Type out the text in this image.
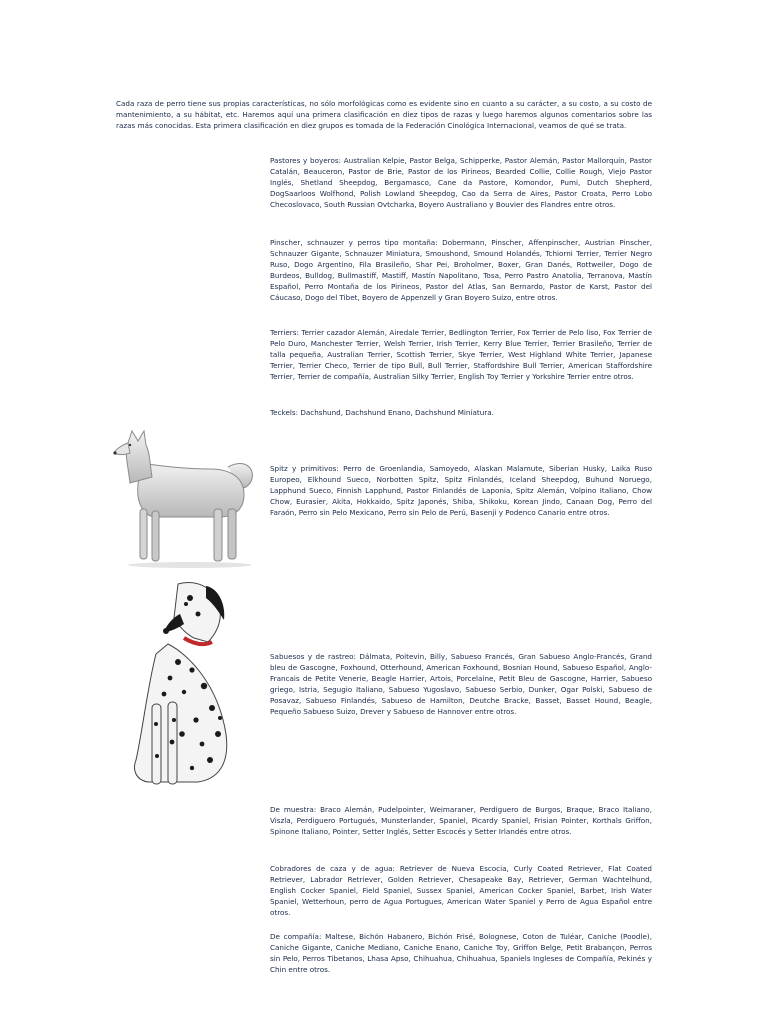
Cada raza de perro tiene sus propias características, no sólo morfológicas como es evidente sino en cuanto a su carácter, a su costo, a su costo de mantenimiento, a su hábitat, etc. Haremos aquí una primera clasificación en diez tipos de razas y luego haremos algunos comentarios sobre las razas más conocidas. Esta primera clasificación en diez grupos es tomada de la Federación Cinológica Internacional, veamos de qué se trata.

Pastores y boyeros: Australian Kelpie, Pastor Belga, Schipperke, Pastor Alemán, Pastor Mallorquín, Pastor Catalán, Beauceron, Pastor de Brie, Pastor de los Pirineos, Bearded Collie, Collie Rough, Viejo Pastor Inglés, Shetland Sheepdog, Bergamasco, Cane da Pastore, Komondor, Pumi, Dutch Shepherd, DogSaarloos Wolfhond, Polish Lowland Sheepdog, Cao da Serra de Aires, Pastor Croata, Perro Lobo Checoslovaco, South Russian Ovtcharka, Boyero Australiano y Bouvier des Flandres entre otros.

Pinscher, schnauzer y perros tipo montaña: Dobermann, Pinscher, Affenpinscher, Austrian Pinscher, Schnauzer Gigante, Schnauzer Miniatura, Smoushond, Smound Holandés, Tchiorni Terrier, Terrier Negro Ruso, Dogo Argentino, Fila Brasileño, Shar Pei, Broholmer, Boxer, Gran Danés, Rottweiler, Dogo de Burdeos, Bulldog, Bullmastiff, Mastiff, Mastín Napolitano, Tosa, Perro Pastro Anatolia, Terranova, Mastín Español, Perro Montaña de los Pirineos, Pastor del Atlas, San Bernardo, Pastor de Karst, Pastor del Cáucaso, Dogo del Tibet, Boyero de Appenzell y Gran Boyero Suizo, entre otros.

Terriers: Terrier cazador Alemán, Airedale Terrier, Bedlington Terrier, Fox Terrier de Pelo liso, Fox Terrier de Pelo Duro, Manchester Terrier, Welsh Terrier, Irish Terrier, Kerry Blue Terrier, Terrier Brasileño, Terrier de talla pequeña, Australian Terrier, Scottish Terrier, Skye Terrier, West Highland White Terrier, Japanese Terrier, Terrier Checo, Terrier de tipo Bull, Bull Terrier, Staffordshire Bull Terrier, American Staffordshire Terrier, Terrier de compañía, Australian Silky Terrier, English Toy Terrier y Yorkshire Terrier entre otros.

Teckels: Dachshund, Dachshund Enano, Dachshund Miniatura.

Spitz y primitivos: Perro de Groenlandia, Samoyedo, Alaskan Malamute, Siberian Husky, Laika Ruso Europeo, Elkhound Sueco, Norbotten Spitz, Spitz Finlandés, Iceland Sheepdog, Buhund Noruego, Lapphund Sueco, Finnish Lapphund, Pastor Finlandés de Laponia, Spitz Alemán, Volpino Italiano, Chow Chow, Eurasier, Akita, Hokkaido, Spitz Japonés, Shiba, Shikoku, Korean Jindo, Canaan Dog, Perro del Faraón, Perro sin Pelo Mexicano, Perro sin Pelo de Perú, Basenji y Podenco Canario entre otros.

Sabuesos y de rastreo: Dálmata, Poitevin, Billy, Sabueso Francés, Gran Sabueso Anglo-Francés, Grand bleu de Gascogne, Foxhound, Otterhound, American Foxhound, Bosnian Hound, Sabueso Español, Anglo-Francais de Petite Venerie, Beagle Harrier, Artois, Porcelaine, Petit Bleu de Gascogne, Harrier, Sabueso griego, Istria, Segugio Italiano, Sabueso Yugoslavo, Sabueso Serbio, Dunker, Ogar Polski, Sabueso de Posavaz, Sabueso Finlandés, Sabueso de Hamilton, Deutche Bracke, Basset, Basset Hound, Beagle, Pequeño Sabueso Suizo, Drever y Sabueso de Hannover entre otros.

De muestra: Braco Alemán, Pudelpointer, Weimaraner, Perdiguero de Burgos, Braque, Braco Italiano, Viszla, Perdiguero Portugués, Munsterlander, Spaniel, Picardy Spaniel, Frisian Pointer, Korthals Griffon, Spinone Italiano, Pointer, Setter Inglés, Setter Escocés y Setter Irlandés entre otros.

Cobradores de caza y de agua: Retriever de Nueva Escocia, Curly Coated Retriever, Flat Coated Retriever, Labrador Retriever, Golden Retriever, Chesapeake Bay, Retriever, German Wachtelhund, English Cocker Spaniel, Field Spaniel, Sussex Spaniel, American Cocker Spaniel, Barbet, Irish Water Spaniel, Wetterhoun, perro de Agua Portugues, American Water Spaniel y Perro de Agua Español entre otros.

De compañía: Maltese, Bichón Habanero, Bichón Frisé, Bolognese, Coton de Tuléar, Caniche (Poodle), Caniche Gigante, Caniche Mediano, Caniche Enano, Caniche Toy, Griffon Belge, Petit Brabançon, Perros sin Pelo, Perros Tibetanos, Lhasa Apso, Chihuahua, Chihuahua, Spaniels Ingleses de Compañía, Pekinés y Chin entre otros.
